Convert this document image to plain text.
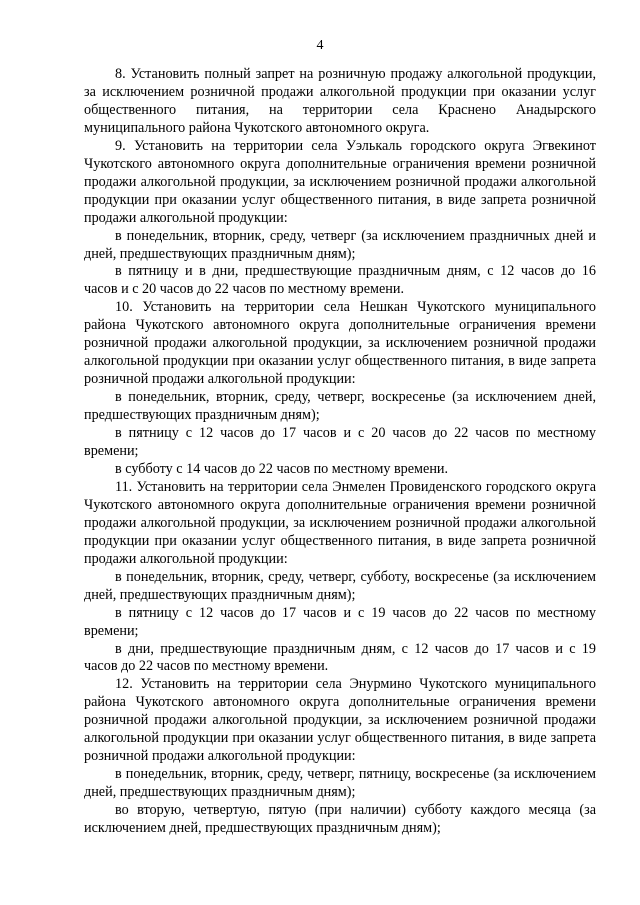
4

8. Установить полный запрет на розничную продажу алкогольной продукции, за исключением розничной продажи алкогольной продукции при оказании услуг общественного питания, на территории села Краснено Анадырского муниципального района Чукотского автономного округа.

9. Установить на территории села Уэлькаль городского округа Эгвекинот Чукотского автономного округа дополнительные ограничения времени розничной продажи алкогольной продукции, за исключением розничной продажи алкогольной продукции при оказании услуг общественного питания, в виде запрета розничной продажи алкогольной продукции:

в понедельник, вторник, среду, четверг (за исключением праздничных дней и дней, предшествующих праздничным дням);

в пятницу и в дни, предшествующие праздничным дням, с 12 часов до 16 часов и с 20 часов до 22 часов по местному времени.

10. Установить на территории села Нешкан Чукотского муниципального района Чукотского автономного округа дополнительные ограничения времени розничной продажи алкогольной продукции, за исключением розничной продажи алкогольной продукции при оказании услуг общественного питания, в виде запрета розничной продажи алкогольной продукции:

в понедельник, вторник, среду, четверг, воскресенье (за исключением дней, предшествующих праздничным дням);

в пятницу с 12 часов до 17 часов и с 20 часов до 22 часов по местному времени;

в субботу с 14 часов до 22 часов по местному времени.

11. Установить на территории села Энмелен Провиденского городского округа Чукотского автономного округа дополнительные ограничения времени розничной продажи алкогольной продукции, за исключением розничной продажи алкогольной продукции при оказании услуг общественного питания, в виде запрета розничной продажи алкогольной продукции:

в понедельник, вторник, среду, четверг, субботу, воскресенье (за исключением дней, предшествующих праздничным дням);

в пятницу с 12 часов до 17 часов и с 19 часов до 22 часов по местному времени;

в дни, предшествующие праздничным дням, с 12 часов до 17 часов и с 19 часов до 22 часов по местному времени.

12. Установить на территории села Энурмино Чукотского муниципального района Чукотского автономного округа дополнительные ограничения времени розничной продажи алкогольной продукции, за исключением розничной продажи алкогольной продукции при оказании услуг общественного питания, в виде запрета розничной продажи алкогольной продукции:

в понедельник, вторник, среду, четверг, пятницу, воскресенье (за исключением дней, предшествующих праздничным дням);

во вторую, четвертую, пятую (при наличии) субботу каждого месяца (за исключением дней, предшествующих праздничным дням);
